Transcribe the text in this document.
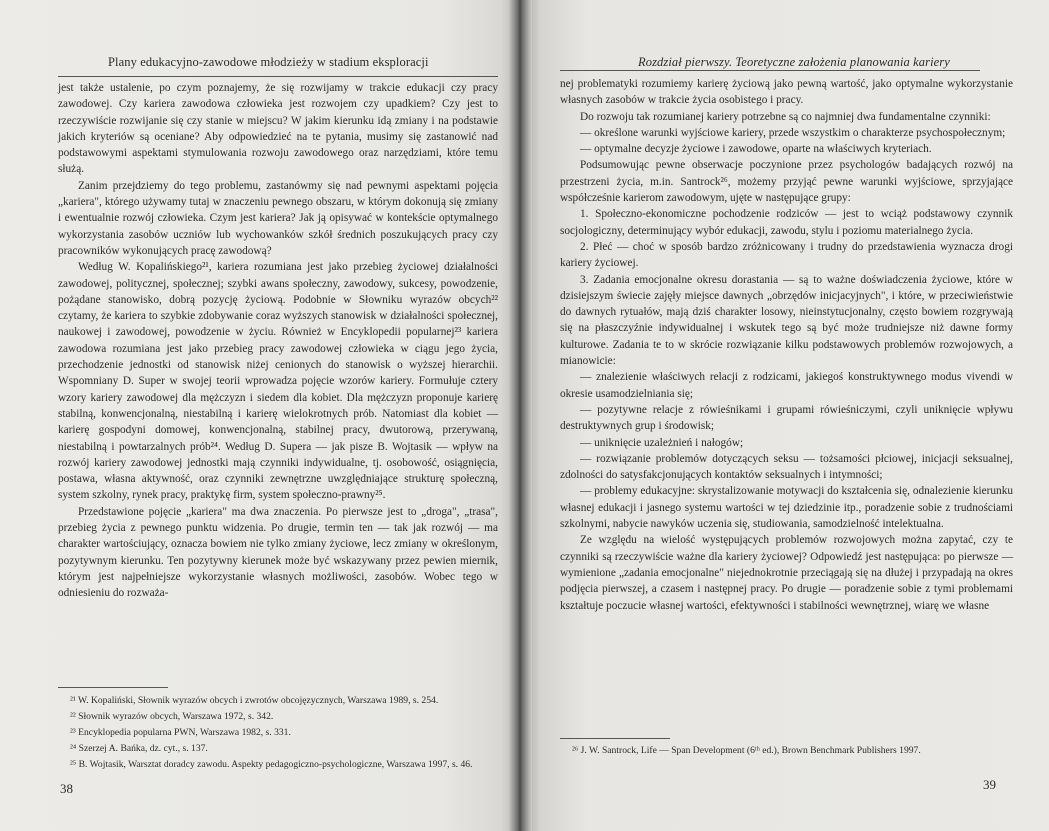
Plany edukacyjno-zawodowe młodzieży w stadium eksploracji

jest także ustalenie, po czym poznajemy, że się rozwijamy w trakcie edukacji czy pracy zawodowej. Czy kariera zawodowa człowieka jest rozwojem czy upadkiem? Czy jest to rzeczywiście rozwijanie się czy stanie w miejscu? W jakim kierunku idą zmiany i na podstawie jakich kryteriów są oceniane? Aby odpowiedzieć na te pytania, musimy się zastanowić nad podstawowymi aspektami stymulowania rozwoju zawodowego oraz narzędziami, które temu służą.

Zanim przejdziemy do tego problemu, zastanówmy się nad pewnymi aspektami pojęcia „kariera", którego używamy tutaj w znaczeniu pewnego obszaru, w którym dokonują się zmiany i ewentualnie rozwój człowieka. Czym jest kariera? Jak ją opisywać w kontekście optymalnego wykorzystania zasobów uczniów lub wychowanków szkół średnich poszukujących pracy czy pracowników wykonujących pracę zawodową?

Według W. Kopalińskiego²¹, kariera rozumiana jest jako przebieg życiowej działalności zawodowej, politycznej, społecznej; szybki awans społeczny, zawodowy, sukcesy, powodzenie, pożądane stanowisko, dobrą pozycję życiową. Podobnie w Słowniku wyrazów obcych²² czytamy, że kariera to szybkie zdobywanie coraz wyższych stanowisk w działalności społecznej, naukowej i zawodowej, powodzenie w życiu. Również w Encyklopedii popularnej²³ kariera zawodowa rozumiana jest jako przebieg pracy zawodowej człowieka w ciągu jego życia, przechodzenie jednostki od stanowisk niżej cenionych do stanowisk o wyższej hierarchii. Wspomniany D. Super w swojej teorii wprowadza pojęcie wzorów kariery. Formułuje cztery wzory kariery zawodowej dla mężczyzn i siedem dla kobiet. Dla mężczyzn proponuje karierę stabilną, konwencjonalną, niestabilną i karierę wielokrotnych prób. Natomiast dla kobiet — karierę gospodyni domowej, konwencjonalną, stabilnej pracy, dwutorową, przerywaną, niestabilną i powtarzalnych prób²⁴. Według D. Supera — jak pisze B. Wojtasik — wpływ na rozwój kariery zawodowej jednostki mają czynniki indywidualne, tj. osobowość, osiągnięcia, postawa, własna aktywność, oraz czynniki zewnętrzne uwzględniające strukturę społeczną, system szkolny, rynek pracy, praktykę firm, system społeczno-prawny²⁵.

Przedstawione pojęcie „kariera" ma dwa znaczenia. Po pierwsze jest to „droga", „trasa", przebieg życia z pewnego punktu widzenia. Po drugie, termin ten — tak jak rozwój — ma charakter wartościujący, oznacza bowiem nie tylko zmiany życiowe, lecz zmiany w określonym, pozytywnym kierunku. Ten pozytywny kierunek może być wskazywany przez pewien miernik, którym jest najpełniejsze wykorzystanie własnych możliwości, zasobów. Wobec tego w odniesieniu do rozważa-

²¹ W. Kopaliński, Słownik wyrazów obcych i zwrotów obcojęzycznych, Warszawa 1989, s. 254.

²² Słownik wyrazów obcych, Warszawa 1972, s. 342.

²³ Encyklopedia popularna PWN, Warszawa 1982, s. 331.

²⁴ Szerzej A. Bańka, dz. cyt., s. 137.

²⁵ B. Wojtasik, Warsztat doradcy zawodu. Aspekty pedagogiczno-psychologiczne, Warszawa 1997, s. 46.

38
Rozdział pierwszy. Teoretyczne założenia planowania kariery

nej problematyki rozumiemy karierę życiową jako pewną wartość, jako optymalne wykorzystanie własnych zasobów w trakcie życia osobistego i pracy.

Do rozwoju tak rozumianej kariery potrzebne są co najmniej dwa fundamentalne czynniki:

— określone warunki wyjściowe kariery, przede wszystkim o charakterze psychospołecznym;

— optymalne decyzje życiowe i zawodowe, oparte na właściwych kryteriach.

Podsumowując pewne obserwacje poczynione przez psychologów badających rozwój na przestrzeni życia, m.in. Santrock²⁶, możemy przyjąć pewne warunki wyjściowe, sprzyjające współcześnie karierom zawodowym, ujęte w następujące grupy:

1. Społeczno-ekonomiczne pochodzenie rodziców — jest to wciąż podstawowy czynnik socjologiczny, determinujący wybór edukacji, zawodu, stylu i poziomu materialnego życia.

2. Płeć — choć w sposób bardzo zróżnicowany i trudny do przedstawienia wyznacza drogi kariery życiowej.

3. Zadania emocjonalne okresu dorastania — są to ważne doświadczenia życiowe, które w dzisiejszym świecie zajęły miejsce dawnych „obrzędów inicjacyjnych", i które, w przeciwieństwie do dawnych rytuałów, mają dziś charakter losowy, nieinstytucjonalny, często bowiem rozgrywają się na płaszczyźnie indywidualnej i wskutek tego są być może trudniejsze niż dawne formy kulturowe. Zadania te to w skrócie rozwiązanie kilku podstawowych problemów rozwojowych, a mianowicie:

— znalezienie właściwych relacji z rodzicami, jakiegoś konstruktywnego modus vivendi w okresie usamodzielniania się;

— pozytywne relacje z rówieśnikami i grupami rówieśniczymi, czyli uniknięcie wpływu destruktywnych grup i środowisk;

— uniknięcie uzależnień i nałogów;

— rozwiązanie problemów dotyczących seksu — tożsamości płciowej, inicjacji seksualnej, zdolności do satysfakcjonujących kontaktów seksualnych i intymności;

— problemy edukacyjne: skrystalizowanie motywacji do kształcenia się, odnalezienie kierunku własnej edukacji i jasnego systemu wartości w tej dziedzinie itp., poradzenie sobie z trudnościami szkolnymi, nabycie nawyków uczenia się, studiowania, samodzielność intelektualna.

Ze względu na wielość występujących problemów rozwojowych można zapytać, czy te czynniki są rzeczywiście ważne dla kariery życiowej? Odpowiedź jest następująca: po pierwsze — wymienione „zadania emocjonalne" niejednokrotnie przeciągają się na dłużej i przypadają na okres podjęcia pierwszej, a czasem i następnej pracy. Po drugie — poradzenie sobie z tymi problemami kształtuje poczucie własnej wartości, efektywności i stabilności wewnętrznej, wiarę we własne

²⁶ J. W. Santrock, Life — Span Development (6ᵗʰ ed.), Brown Benchmark Publishers 1997.

39
